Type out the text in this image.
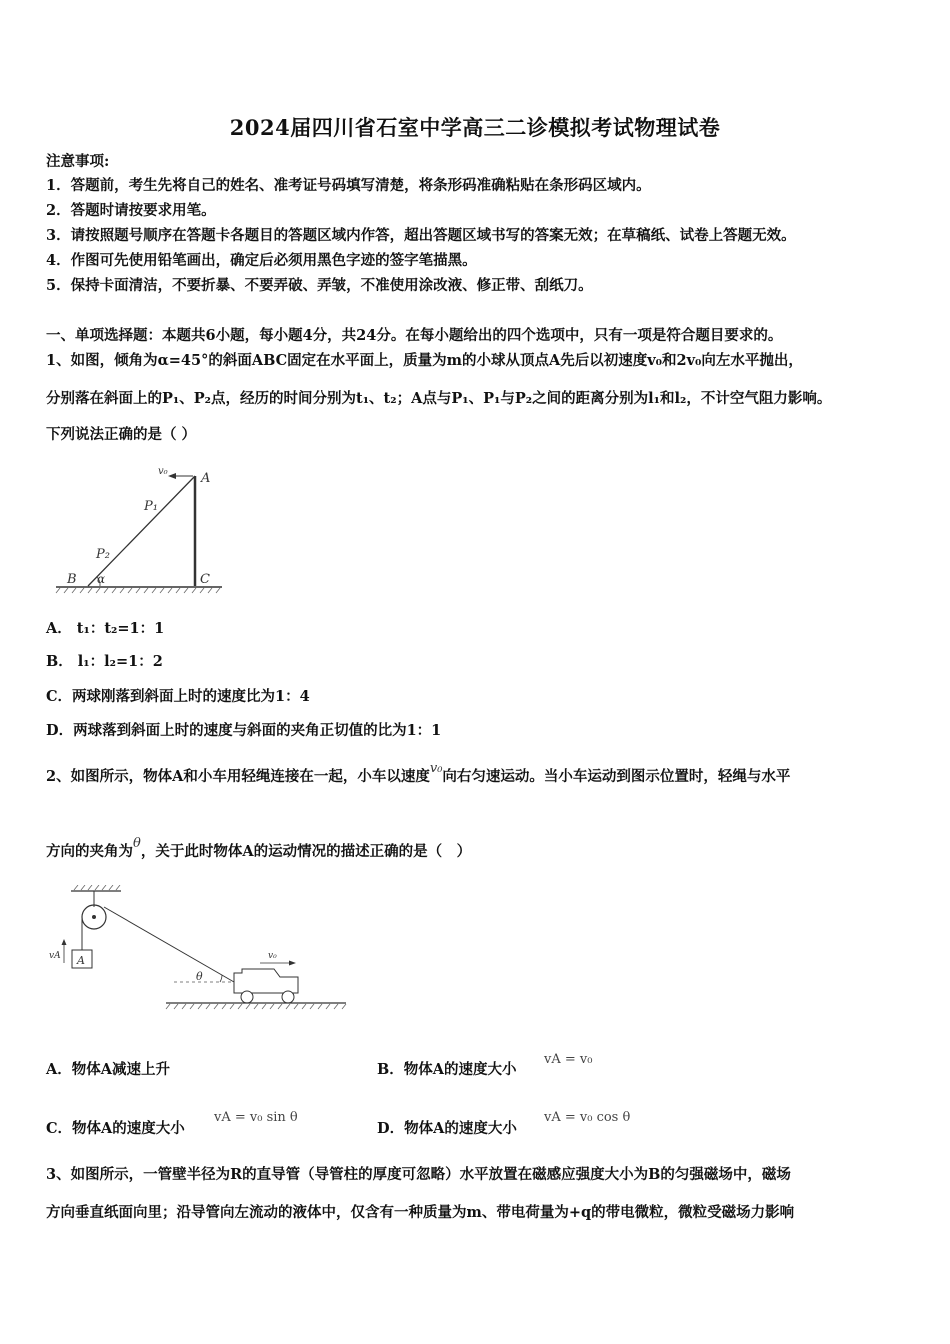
2024届四川省石室中学高三二诊模拟考试物理试卷
注意事项:
1．答题前，考生先将自己的姓名、准考证号码填写清楚，将条形码准确粘贴在条形码区域内。
2．答题时请按要求用笔。
3．请按照题号顺序在答题卡各题目的答题区域内作答，超出答题区域书写的答案无效；在草稿纸、试卷上答题无效。
4．作图可先使用铅笔画出，确定后必须用黑色字迹的签字笔描黑。
5．保持卡面清洁，不要折暴、不要弄破、弄皱，不准使用涂改液、修正带、刮纸刀。
一、单项选择题：本题共6小题，每小题4分，共24分。在每小题给出的四个选项中，只有一项是符合题目要求的。
1、如图，倾角为α=45°的斜面ABC固定在水平面上，质量为m的小球从顶点A先后以初速度v₀和2v₀向左水平抛出，
分别落在斜面上的P₁、P₂点，经历的时间分别为t₁、t₂；A点与P₁、P₁与P₂之间的距离分别为l₁和l₂，不计空气阻力影响。
下列说法正确的是（ ）
v₀	A
P₁
P₂
B α	C
A． t₁：t₂=1：1
B． l₁：l₂=1：2
C．两球刚落到斜面上时的速度比为1：4
D．两球落到斜面上时的速度与斜面的夹角正切值的比为1：1
2、如图所示，物体A和小车用轻绳连接在一起，小车以速度v₀向右匀速运动。当小车运动到图示位置时，轻绳与水平
方向的夹角为θ，关于此时物体A的运动情况的描述正确的是（　）
A
vA
θ
v₀
A．物体A减速上升	B．物体A的速度大小
vA = v₀
C．物体A的速度大小
vA = v₀ sin θ
D．物体A的速度大小
vA = v₀ cos θ
3、如图所示，一管壁半径为R的直导管（导管柱的厚度可忽略）水平放置在磁感应强度大小为B的匀强磁场中，磁场
方向垂直纸面向里；沿导管向左流动的液体中，仅含有一种质量为m、带电荷量为+q的带电微粒，微粒受磁场力影响
